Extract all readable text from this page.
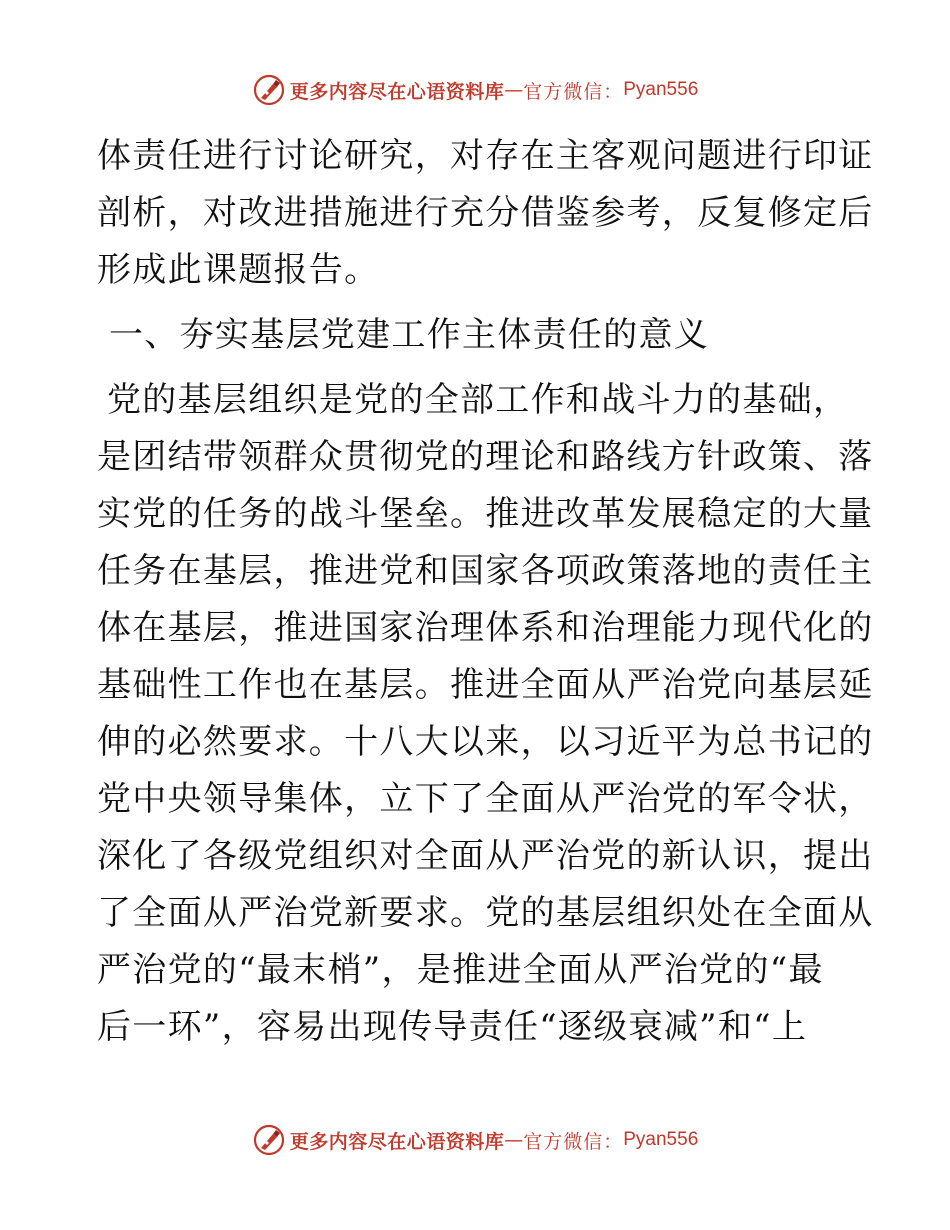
更多内容尽在心语资料库 — 官方微信： Pyan556
体责任进行讨论研究，对存在主客观问题进行印证
剖析，对改进措施进行充分借鉴参考，反复修定后
形成此课题报告。
一、夯实基层党建工作主体责任的意义
党的基层组织是党的全部工作和战斗力的基础，
是团结带领群众贯彻党的理论和路线方针政策、落
实党的任务的战斗堡垒。推进改革发展稳定的大量
任务在基层，推进党和国家各项政策落地的责任主
体在基层，推进国家治理体系和治理能力现代化的
基础性工作也在基层。推进全面从严治党向基层延
伸的必然要求。十八大以来，以习近平为总书记的
党中央领导集体，立下了全面从严治党的军令状，
深化了各级党组织对全面从严治党的新认识，提出
了全面从严治党新要求。党的基层组织处在全面从
严治党的“最末梢”，是推进全面从严治党的“最
后一环”，容易出现传导责任“逐级衰减”和“上
更多内容尽在心语资料库 — 官方微信： Pyan556
